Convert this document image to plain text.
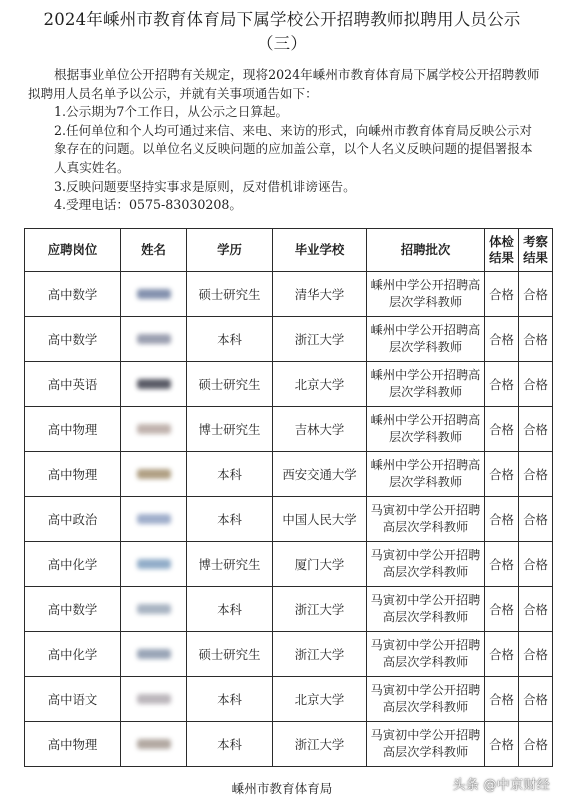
2024年嵊州市教育体育局下属学校公开招聘教师拟聘用人员公示
（三）

根据事业单位公开招聘有关规定，现将2024年嵊州市教育体育局下属学校公开招聘教师拟聘用人员名单予以公示，并就有关事项通告如下：

1.公示期为7个工作日，从公示之日算起。

2.任何单位和个人均可通过来信、来电、来访的形式，向嵊州市教育体育局反映公示对象存在的问题。以单位名义反映问题的应加盖公章，以个人名义反映问题的提倡署报本人真实姓名。

3.反映问题要坚持实事求是原则，反对借机诽谤诬告。

4.受理电话：0575-83030208。

应聘岗位	姓名	学历	毕业学校	招聘批次	体检结果	考察结果
高中数学		硕士研究生	清华大学	嵊州中学公开招聘高层次学科教师	合格	合格
高中数学		本科	浙江大学	嵊州中学公开招聘高层次学科教师	合格	合格
高中英语		硕士研究生	北京大学	嵊州中学公开招聘高层次学科教师	合格	合格
高中物理		博士研究生	吉林大学	嵊州中学公开招聘高层次学科教师	合格	合格
高中物理		本科	西安交通大学	嵊州中学公开招聘高层次学科教师	合格	合格
高中政治		本科	中国人民大学	马寅初中学公开招聘高层次学科教师	合格	合格
高中化学		博士研究生	厦门大学	马寅初中学公开招聘高层次学科教师	合格	合格
高中数学		本科	浙江大学	马寅初中学公开招聘高层次学科教师	合格	合格
高中化学		硕士研究生	浙江大学	马寅初中学公开招聘高层次学科教师	合格	合格
高中语文		本科	北京大学	马寅初中学公开招聘高层次学科教师	合格	合格
高中物理		本科	浙江大学	马寅初中学公开招聘高层次学科教师	合格	合格
嵊州市教育体育局	头条 @中京财经
